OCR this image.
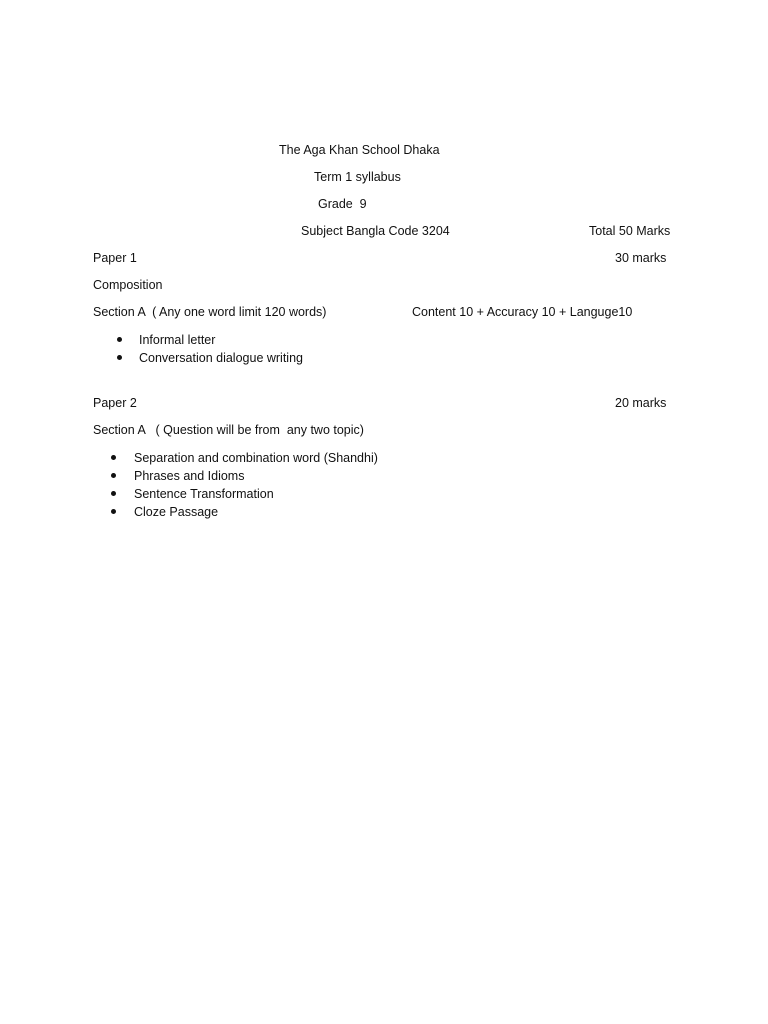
The Aga Khan School Dhaka
Term 1 syllabus
Grade  9
Subject Bangla Code 3204	Total 50 Marks
Paper 1	30 marks
Composition
Section A  ( Any one word limit 120 words)	Content 10 + Accuracy 10 + Languge10
Informal letter
Conversation dialogue writing
Paper 2	20 marks
Section A   ( Question will be from  any two topic)
Separation and combination word (Shandhi)
Phrases and Idioms
Sentence Transformation
Cloze Passage
